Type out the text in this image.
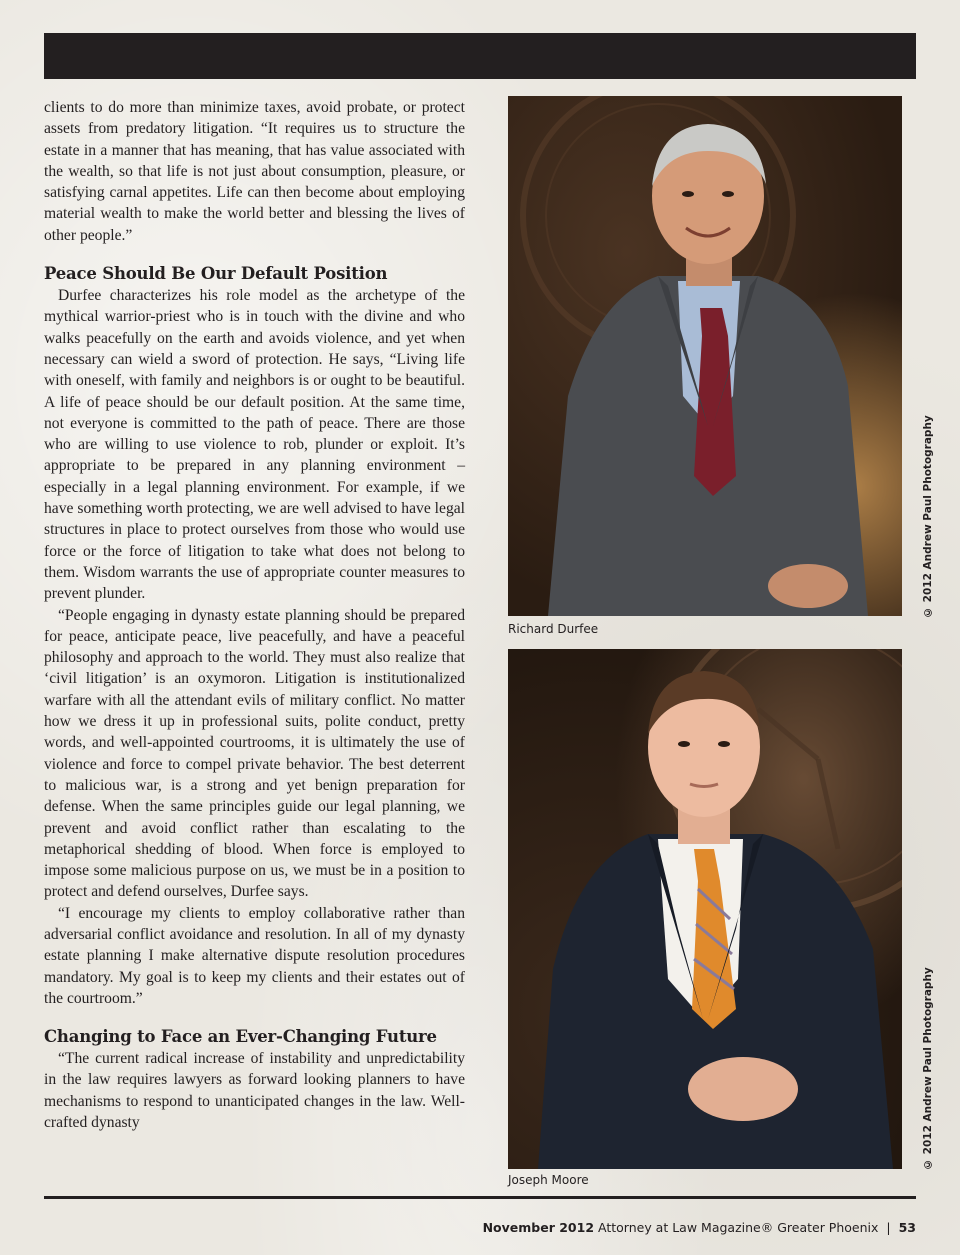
clients to do more than minimize taxes, avoid probate, or protect assets from predatory litigation. “It requires us to structure the estate in a manner that has meaning, that has value associated with the wealth, so that life is not just about consumption, pleasure, or satisfying carnal appetites. Life can then become about employing material wealth to make the world better and blessing the lives of other people.”

Peace Should Be Our Default Position

Durfee characterizes his role model as the archetype of the mythical warrior-priest who is in touch with the divine and who walks peacefully on the earth and avoids violence, and yet when necessary can wield a sword of protection. He says, “Living life with oneself, with family and neighbors is or ought to be beautiful. A life of peace should be our default position. At the same time, not everyone is committed to the path of peace. There are those who are willing to use violence to rob, plunder or exploit. It’s appropriate to be prepared in any planning environment – especially in a legal planning environment. For example, if we have something worth protecting, we are well advised to have legal structures in place to protect ourselves from those who would use force or the force of litigation to take what does not belong to them. Wisdom warrants the use of appropriate counter measures to prevent plunder.

“People engaging in dynasty estate planning should be prepared for peace, anticipate peace, live peacefully, and have a peaceful philosophy and approach to the world. They must also realize that ‘civil litigation’ is an oxymoron. Litigation is institutionalized warfare with all the attendant evils of military conflict. No matter how we dress it up in professional suits, polite conduct, pretty words, and well-appointed courtrooms, it is ultimately the use of violence and force to compel private behavior. The best deterrent to malicious war, is a strong and yet benign preparation for defense. When the same principles guide our legal planning, we prevent and avoid conflict rather than escalating to the metaphorical shedding of blood. When force is employed to impose some malicious purpose on us, we must be in a position to protect and defend ourselves, Durfee says.

“I encourage my clients to employ collaborative rather than adversarial conflict avoidance and resolution. In all of my dynasty estate planning I make alternative dispute resolution procedures mandatory. My goal is to keep my clients and their estates out of the courtroom.”

Changing to Face an Ever-Changing Future

“The current radical increase of instability and unpredictability in the law requires lawyers as forward looking planners to have mechanisms to respond to unanticipated changes in the law. Well-crafted dynasty

Richard Durfee
© 2012 Andrew Paul Photography
Joseph Moore
© 2012 Andrew Paul Photography
November 2012 Attorney at Law Magazine® Greater Phoenix | 53
